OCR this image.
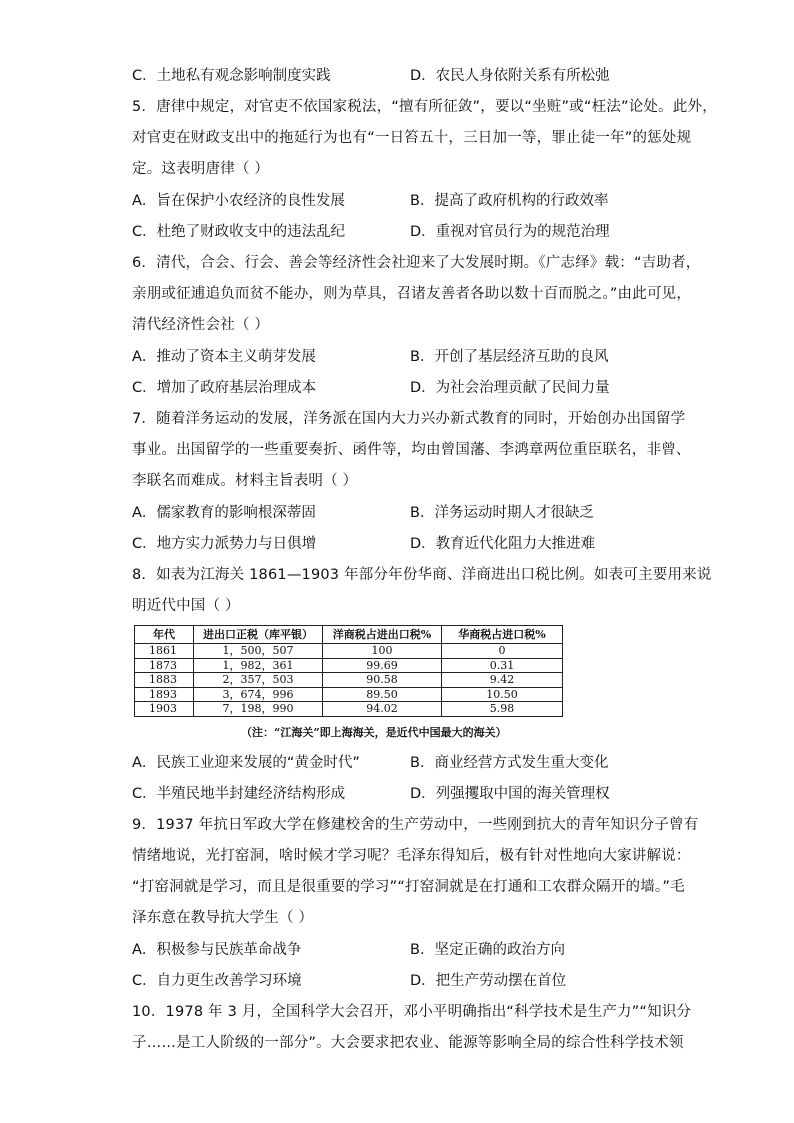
C．土地私有观念影响制度实践	D．农民人身依附关系有所松弛
5．唐律中规定，对官吏不依国家税法，“擅有所征敛”，要以“坐赃”或“枉法”论处。此外，
对官吏在财政支出中的拖延行为也有“一日笞五十，三日加一等，罪止徒一年”的惩处规
定。这表明唐律（ ）
A．旨在保护小农经济的良性发展	B．提高了政府机构的行政效率
C．杜绝了财政收支中的违法乱纪	D．重视对官员行为的规范治理
6．清代，合会、行会、善会等经济性会社迎来了大发展时期。《广志绎》载：“吉助者，
亲朋或征逋追负而贫不能办，则为草具，召诸友善者各助以数十百而脱之。”由此可见，
清代经济性会社（ ）
A．推动了资本主义萌芽发展	B．开创了基层经济互助的良风
C．增加了政府基层治理成本	D．为社会治理贡献了民间力量
7．随着洋务运动的发展，洋务派在国内大力兴办新式教育的同时，开始创办出国留学
事业。出国留学的一些重要奏折、函件等，均由曾国藩、李鸿章两位重臣联名，非曾、
李联名而难成。材料主旨表明（ ）
A．儒家教育的影响根深蒂固	B．洋务运动时期人才很缺乏
C．地方实力派势力与日俱增	D．教育近代化阻力大推进难
8．如表为江海关 1861—1903 年部分年份华商、洋商进出口税比例。如表可主要用来说
明近代中国（ ）
年代	进出口正税（库平银）	洋商税占进出口税%	华商税占进口税%
1861	1，500，507	100	0
1873	1，982，361	99.69	0.31
1883	2，357，503	90.58	9.42
1893	3，674，996	89.50	10.50
1903	7，198，990	94.02	5.98
（注：“江海关”即上海海关，是近代中国最大的海关）
A．民族工业迎来发展的“黄金时代”	B．商业经营方式发生重大变化
C．半殖民地半封建经济结构形成	D．列强攫取中国的海关管理权
9．1937 年抗日军政大学在修建校舍的生产劳动中，一些刚到抗大的青年知识分子曾有
情绪地说，光打窑洞，啥时候才学习呢？毛泽东得知后，极有针对性地向大家讲解说：
“打窑洞就是学习，而且是很重要的学习”“打窑洞就是在打通和工农群众隔开的墙。”毛
泽东意在教导抗大学生（ ）
A．积极参与民族革命战争	B．坚定正确的政治方向
C．自力更生改善学习环境	D．把生产劳动摆在首位
10．1978 年 3 月，全国科学大会召开，邓小平明确指出“科学技术是生产力”“知识分
子……是工人阶级的一部分”。大会要求把农业、能源等影响全局的综合性科学技术领
